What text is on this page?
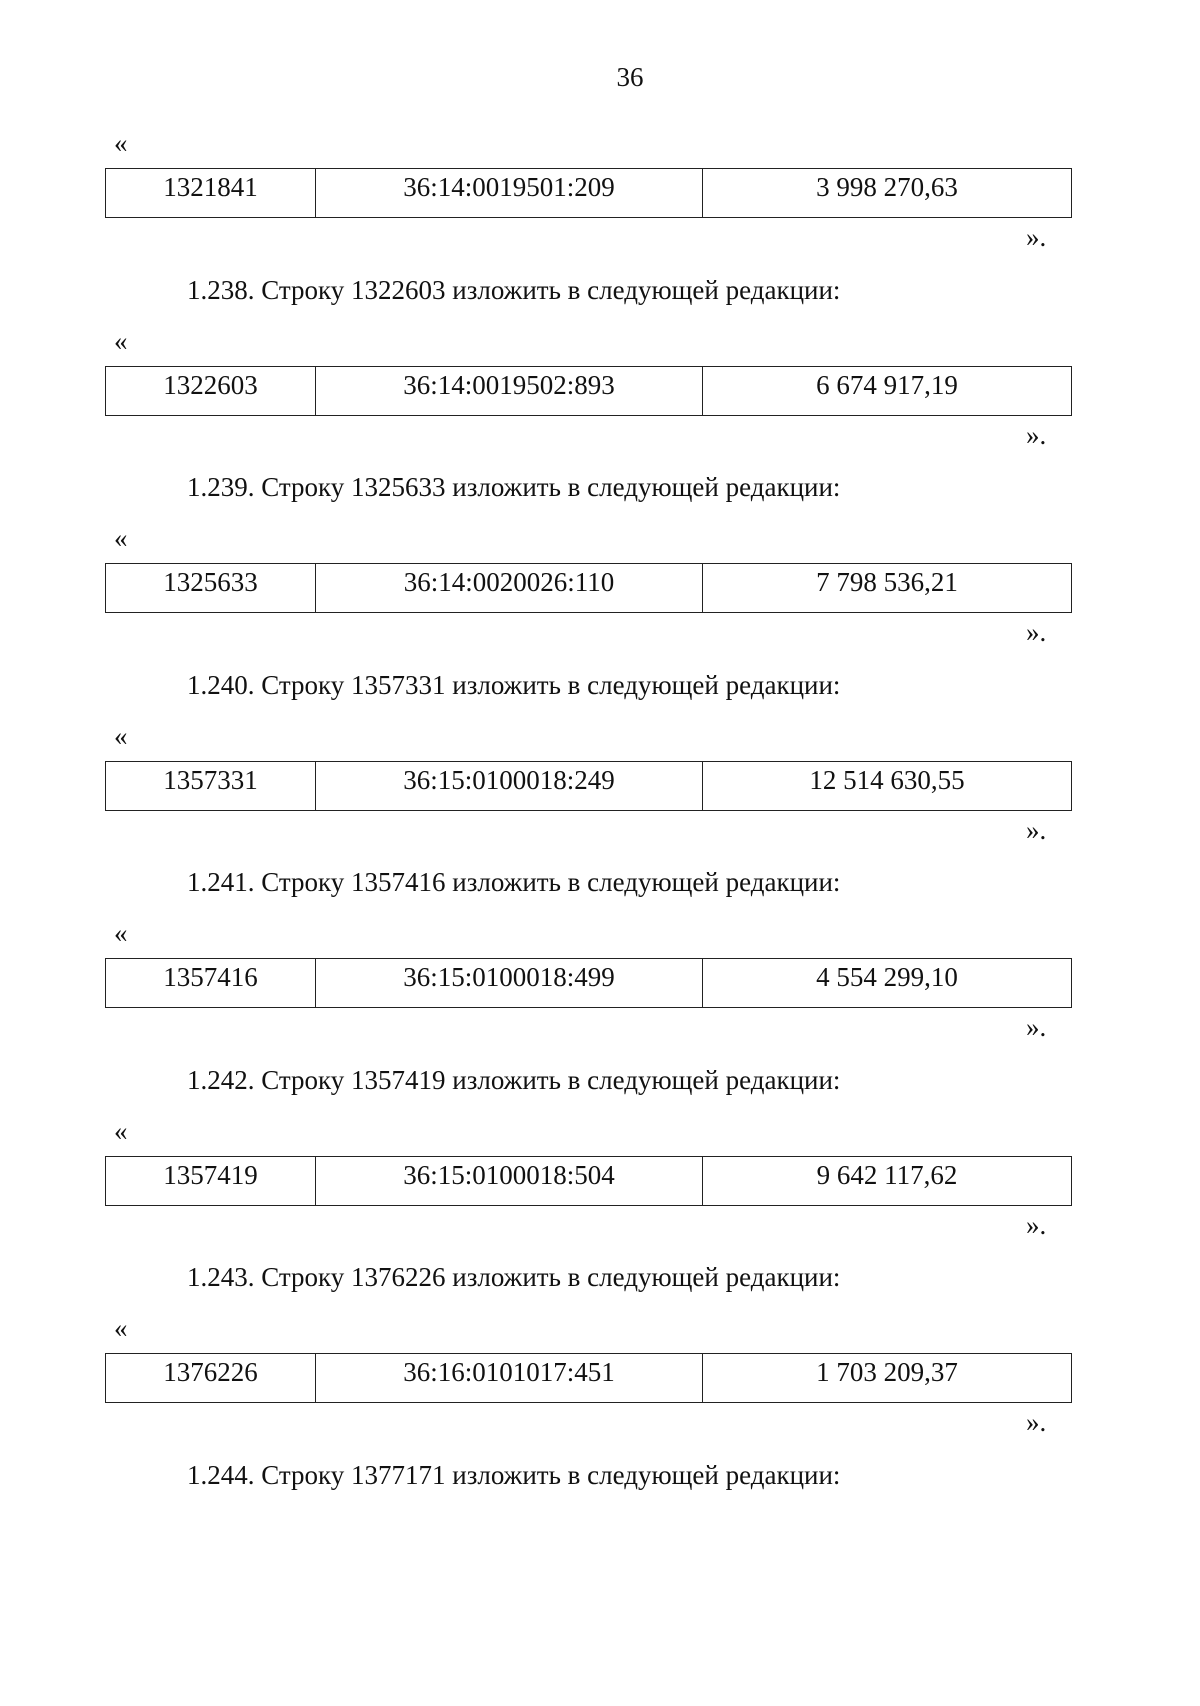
36
«
1321841	36:14:0019501:209	3 998 270,63
».
1.238. Строку 1322603 изложить в следующей редакции:
«
1322603	36:14:0019502:893	6 674 917,19
».
1.239. Строку 1325633 изложить в следующей редакции:
«
1325633	36:14:0020026:110	7 798 536,21
».
1.240. Строку 1357331 изложить в следующей редакции:
«
1357331	36:15:0100018:249	12 514 630,55
».
1.241. Строку 1357416 изложить в следующей редакции:
«
1357416	36:15:0100018:499	4 554 299,10
».
1.242. Строку 1357419 изложить в следующей редакции:
«
1357419	36:15:0100018:504	9 642 117,62
».
1.243. Строку 1376226 изложить в следующей редакции:
«
1376226	36:16:0101017:451	1 703 209,37
».
1.244. Строку 1377171 изложить в следующей редакции:
